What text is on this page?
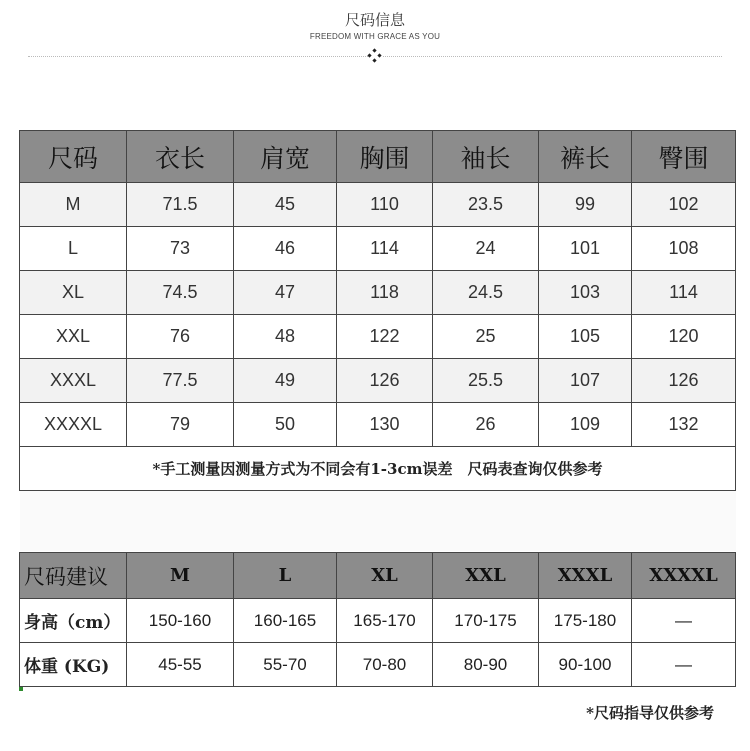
尺码信息
FREEDOM WITH GRACE AS YOU
尺码	衣长	肩宽	胸围	袖长	裤长	臀围
M	71.5	45	110	23.5	99	102
L	73	46	114	24	101	108
XL	74.5	47	118	24.5	103	114
XXL	76	48	122	25	105	120
XXXL	77.5	49	126	25.5	107	126
XXXXL	79	50	130	26	109	132
*手工测量因测量方式为不同会有1-3cm误差　尺码表查询仅供参考						

尺码建议	M	L	XL	XXL	XXXL	XXXXL
身高（cm）	150-160	160-165	165-170	170-175	175-180	—
体重 (KG)	45-55	55-70	70-80	80-90	90-100	—
*尺码指导仅供参考
